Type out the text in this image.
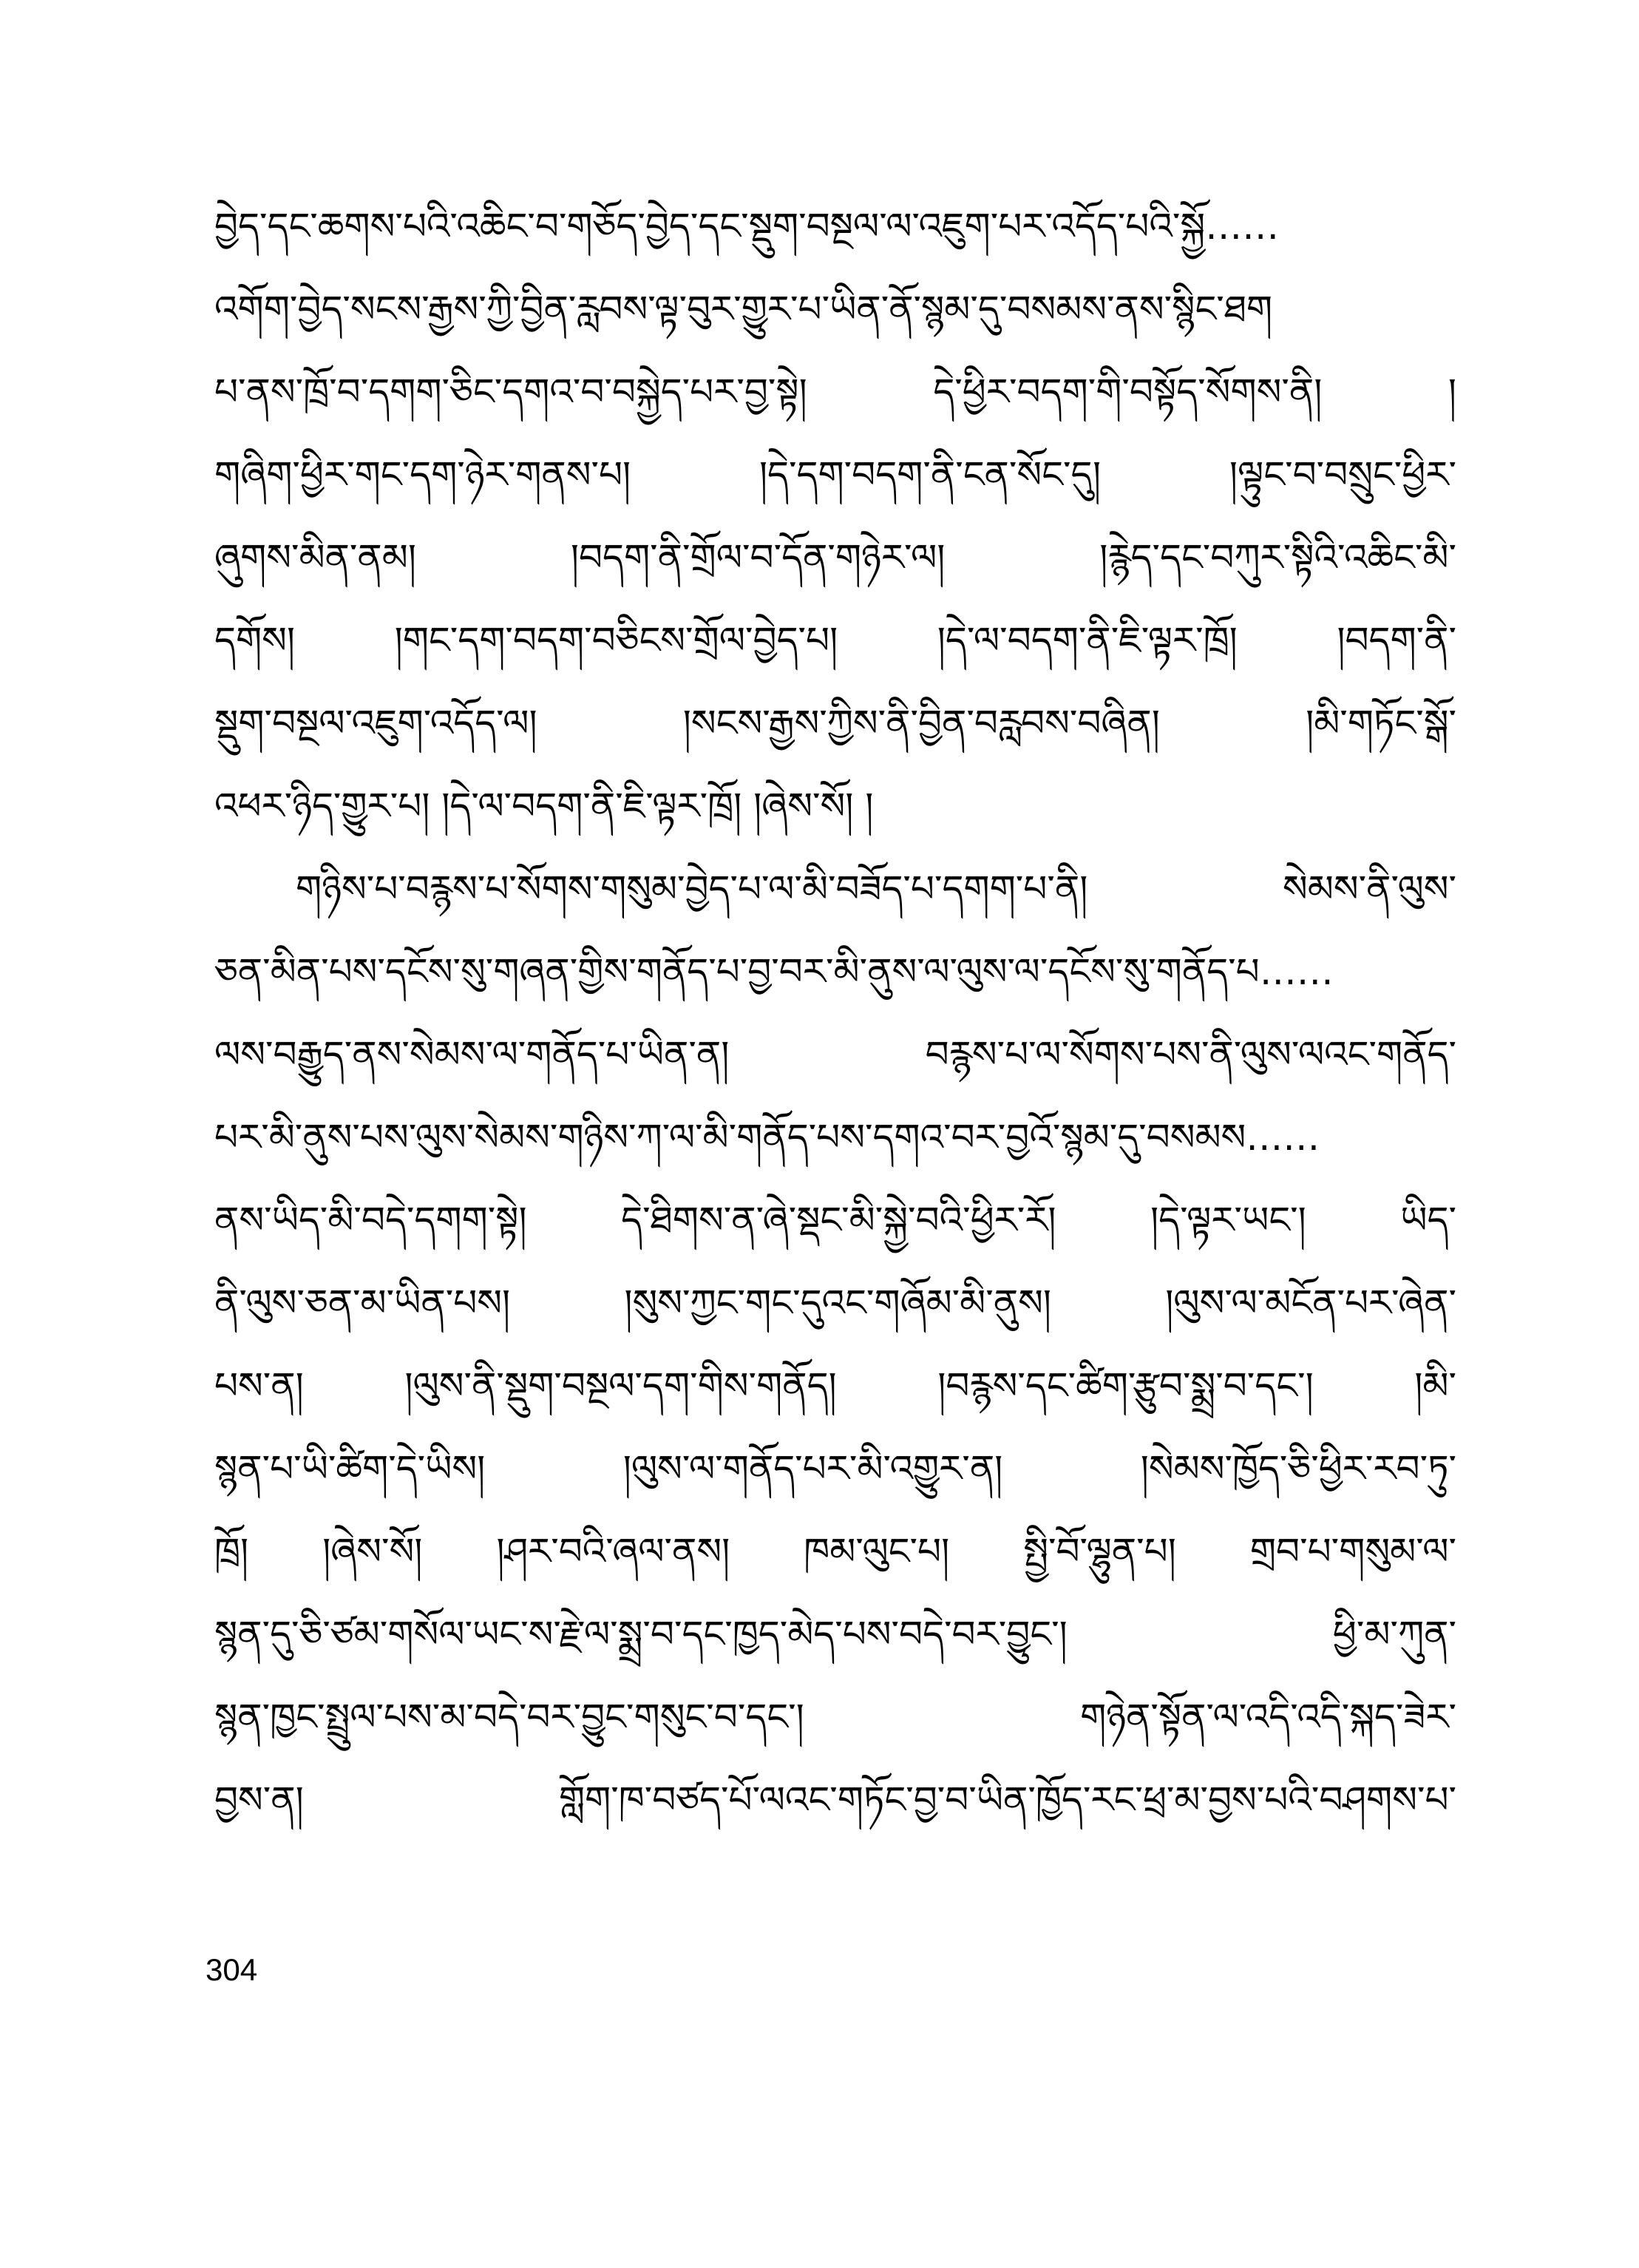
བྱེད་དང་ཆགས་པའི་འཆིང་བ་གཅོད་བྱེད་དང་སྡུག་བསྔལ་ལ་འཇུག་པར་འདོད་པའི་སྐྱོ……
འགོག་བྱེད་སངས་རྒྱས་ཀྱི་བྱིན་རླབས་ལྟ་བུར་གྱུར་པ་ཡིན་ནོ་སྙམ་དུ་བསམས་ནས་སྙིང་ཐག
པ་ནས་ཁྲོ་བ་དགག་ཅིང་དགའ་བ་བསྐྱེད་པར་བྱ་སྟེ། དེ་ཕྱིར་བདག་གི་བསྟོད་སོགས་ནི། །
གཞིག་ཕྱིར་གང་དག་ཉེར་གནས་པ། །དེ་དག་བདག་ནི་ངན་སོང་དུ། །ལྟུང་བ་བསྲུང་ཕྱིར་
ཞུགས་མིན་ནམ། །བདག་ནི་གྲོལ་བ་དོན་གཉེར་ལ། །རྙེད་དང་བཀུར་སྟིའི་འཆིང་མི་
དགོས། །གང་དག་བདག་བཅིངས་གྲོལ་བྱེད་པ། །དེ་ལ་བདག་ནི་ཇི་ལྟར་ཁྲོ། །བདག་ནི་
སྡུག་བསྔལ་འཇུག་འདོད་ལ། །སངས་རྒྱས་ཀྱིས་ནི་བྱིན་བརླབས་བཞིན། །མི་གཏོང་སྒོ་
འཕར་ཉིད་གྱུར་པ། །དེ་ལ་བདག་ནི་ཇི་ལྟར་ཁྲོ། །ཞེས་སོ། །
གཉིས་པ་བརྙས་པ་སོགས་གསུམ་བྱེད་པ་ལ་མི་བཟོད་པ་དགག་པ་ནི། སེམས་ནི་ལུས་
ཅན་མིན་པས་དངོས་སུ་གཞན་གྱིས་གནོད་པ་བྱ་བར་མི་ནུས་ལ་ལུས་ལ་དངོས་སུ་གནོད་པ……
ལས་བརྒྱུད་ནས་སེམས་ལ་གནོད་པ་ཡིན་ན། བརྙས་པ་ལ་སོགས་པས་ནི་ལུས་ལའང་གནོད་
པར་མི་ནུས་པས་ལུས་སེམས་གཉིས་ཀ་ལ་མི་གནོད་པས་དགའ་བར་བྱའོ་སྙམ་དུ་བསམས……
ནས་ཡིད་མི་བདེ་དགག་སྟེ། དེ་ཐིགས་ན་ཞེ་སྡང་མི་སྐྱེ་བའི་ཕྱིར་རོ། །དེ་ལྟར་ཡང་། ཡིད་
ནི་ལུས་ཅན་མ་ཡིན་པས། །སུས་ཀྱང་གང་དུའང་གཞོམ་མི་ནུས། །ལུས་ལ་མངོན་པར་ཞེན་
པས་ན། །ལུས་ནི་སྡུག་བསྔལ་དག་གིས་གནོད། །བརྙས་དང་ཚིག་རྩུབ་སྨྲ་བ་དང་། །མི་
སྙན་པ་ཡི་ཚིག་དེ་ཡིས། །ལུས་ལ་གནོད་པར་མི་འགྱུར་ན། །སེམས་ཁྱོད་ཅི་ཕྱིར་རབ་ཏུ་
ཁྲོ། །ཞེས་སོ། །ཤར་བའི་ཞལ་ནས། ཁམ་ལུང་པ། སྤྱི་བོ་ལྷུན་པ། གྲབ་པ་གསུམ་ལ་
སྙན་དུ་ཅི་ཙམ་གསོལ་ཡང་ས་རྗེ་ལ་སྨྲ་བ་དང་ཁྱད་མེད་པས་བདེ་བར་བྱུང་། ཕྱི་མ་ཀུན་
སྙན་ཁྱང་སྤྲུལ་པས་མ་བདེ་བར་བྱུང་གསུང་བ་དང་། གཉེན་སྟོན་ལ་འདི་འདི་སྐད་ཟེར་
བྱས་ན། གློག་ཁ་བཙད་པོ་ལའང་གཏོང་བྱ་བ་ཡིན་ཁྱོད་རང་ཕྲ་མ་བྱས་པའི་བཤགས་པ་
304
